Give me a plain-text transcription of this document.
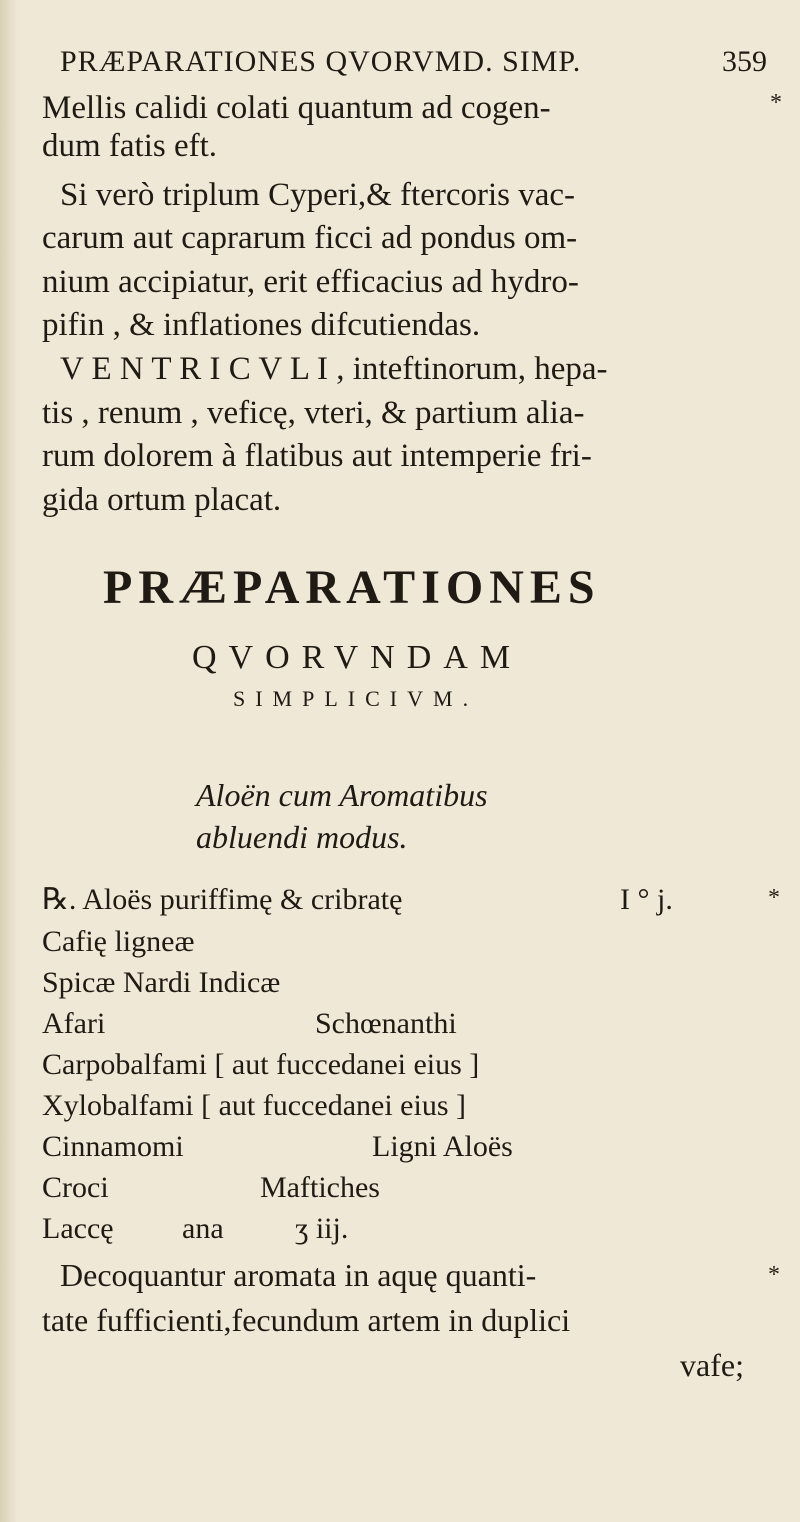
PRÆPARATIONES QVORVMD. SIMP.	359
Mellis calidi colati quantum ad cogen-
dum fatis eft.
Si verò triplum Cyperi,& ftercoris vac-
carum aut caprarum ficci ad pondus om-
nium accipiatur, erit efficacius ad hydro-
pifin , & inflationes difcutiendas.
V E N T R I C V L I , inteftinorum, hepa-
tis , renum , veficę, vteri, & partium alia-
rum dolorem à flatibus aut intemperie fri-
gida ortum placat.
PRÆPARATIONES
QVORVNDAM
SIMPLICIVM.
Aloën cum Aromatibus
abluendi modus.
℞. Aloës puriffimę & cribratę	I ° j.
Cafię ligneæ
Spicæ Nardi Indicæ
Afari	Schœnanthi
Carpobalfami [ aut fuccedanei eius ]
Xylobalfami [ aut fuccedanei eius ]
Cinnamomi	Ligni Aloës
Croci	Maftiches
Laccę ana ʒ iij.
Decoquantur aromata in aquę quanti-
tate fufficienti,fecundum artem in duplici
vafe;
*
*
*
